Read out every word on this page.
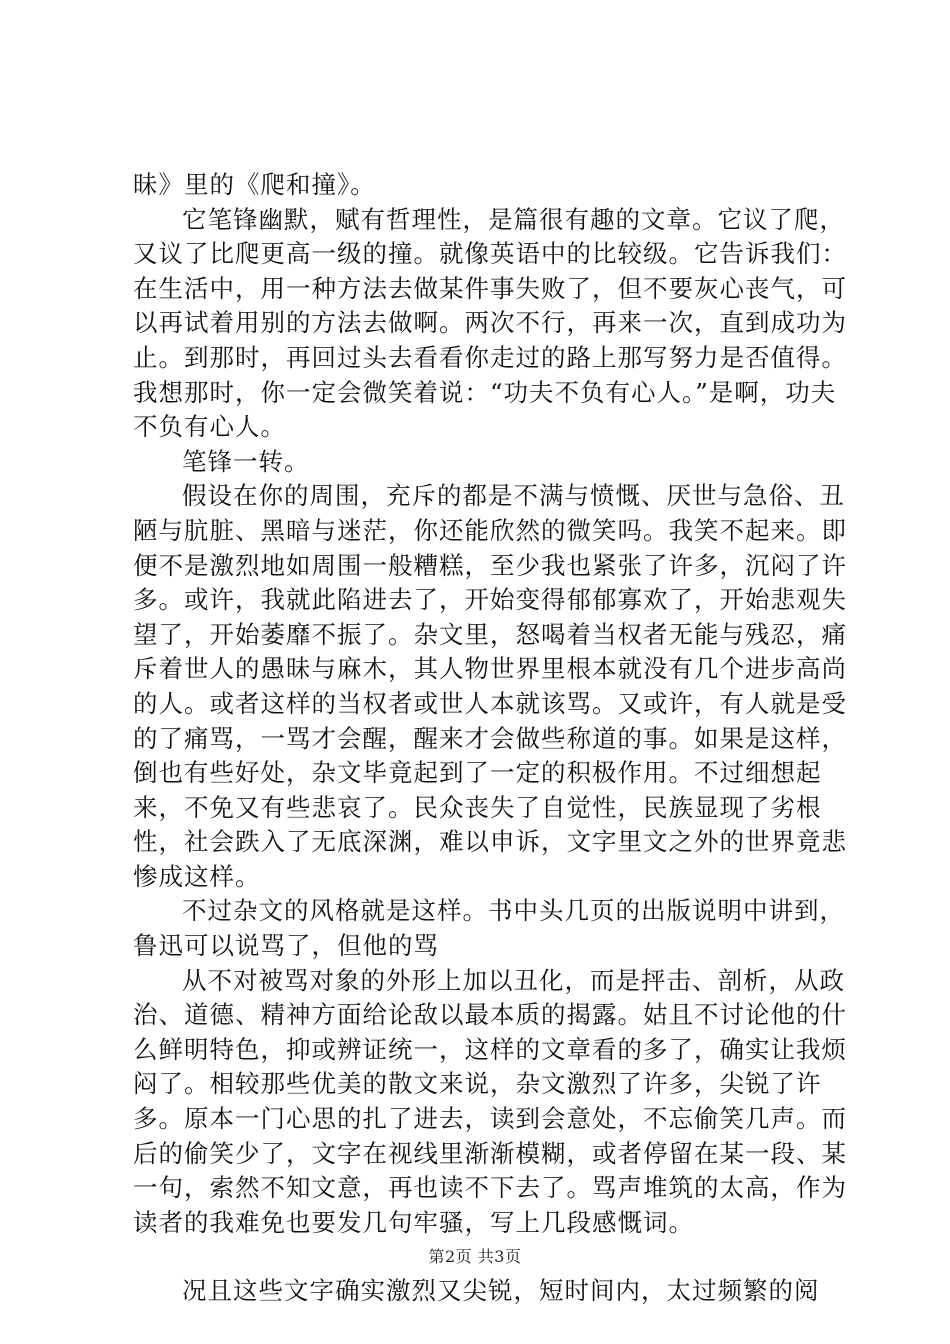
昧》里的《爬和撞》。

它笔锋幽默，赋有哲理性，是篇很有趣的文章。它议了爬，又议了比爬更高一级的撞。就像英语中的比较级。它告诉我们：在生活中，用一种方法去做某件事失败了，但不要灰心丧气，可以再试着用别的方法去做啊。两次不行，再来一次，直到成功为止。到那时，再回过头去看看你走过的路上那写努力是否值得。我想那时，你一定会微笑着说：“功夫不负有心人。”是啊，功夫不负有心人。

笔锋一转。

假设在你的周围，充斥的都是不满与愤慨、厌世与急俗、丑陋与肮脏、黑暗与迷茫，你还能欣然的微笑吗。我笑不起来。即便不是激烈地如周围一般糟糕，至少我也紧张了许多，沉闷了许多。或许，我就此陷进去了，开始变得郁郁寡欢了，开始悲观失望了，开始萎靡不振了。杂文里，怒喝着当权者无能与残忍，痛斥着世人的愚昧与麻木，其人物世界里根本就没有几个进步高尚的人。或者这样的当权者或世人本就该骂。又或许，有人就是受的了痛骂，一骂才会醒，醒来才会做些称道的事。如果是这样，倒也有些好处，杂文毕竟起到了一定的积极作用。不过细想起来，不免又有些悲哀了。民众丧失了自觉性，民族显现了劣根性，社会跌入了无底深渊，难以申诉，文字里文之外的世界竟悲惨成这样。

不过杂文的风格就是这样。书中头几页的出版说明中讲到，鲁迅可以说骂了，但他的骂

从不对被骂对象的外形上加以丑化，而是抨击、剖析，从政治、道德、精神方面给论敌以最本质的揭露。姑且不讨论他的什么鲜明特色，抑或辨证统一，这样的文章看的多了，确实让我烦闷了。相较那些优美的散文来说，杂文激烈了许多，尖锐了许多。原本一门心思的扎了进去，读到会意处，不忘偷笑几声。而后的偷笑少了，文字在视线里渐渐模糊，或者停留在某一段、某一句，索然不知文意，再也读不下去了。骂声堆筑的太高，作为读者的我难免也要发几句牢骚，写上几段感慨词。

况且这些文字确实激烈又尖锐，短时间内，太过频繁的阅

第2页 共3页
